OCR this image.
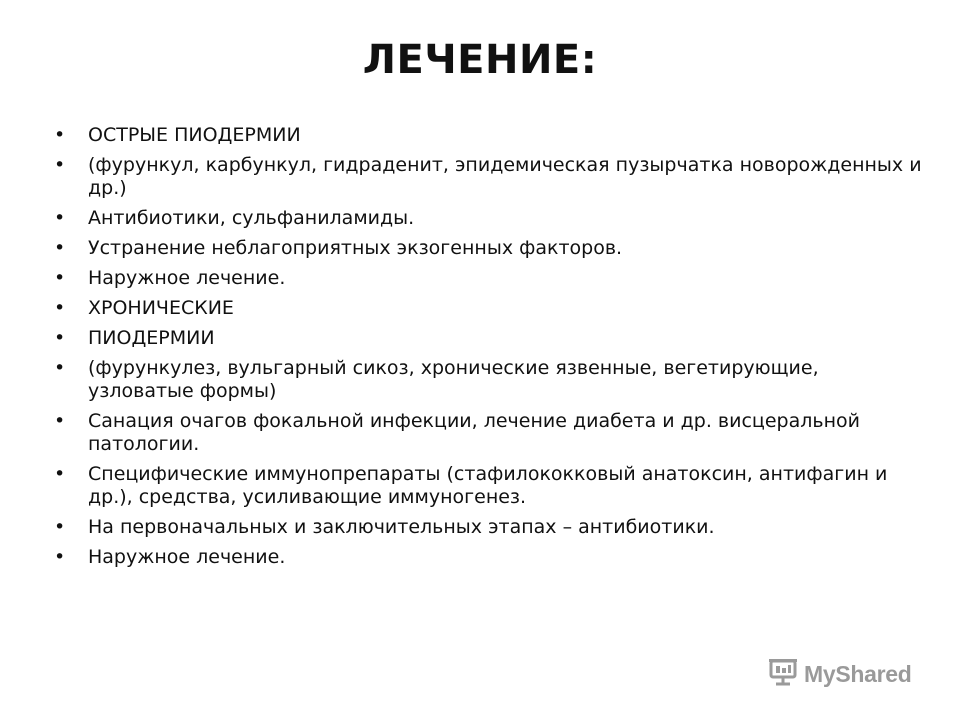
ЛЕЧЕНИЕ:
• ОСТРЫЕ ПИОДЕРМИИ
• (фурункул, карбункул, гидраденит, эпидемическая пузырчатка новорожденных и др.)
• Антибиотики, сульфаниламиды.
• Устранение неблагоприятных экзогенных факторов.
• Наружное лечение.
• ХРОНИЧЕСКИЕ
• ПИОДЕРМИИ
• (фурункулез, вульгарный сикоз, хронические язвенные, вегетирующие, узловатые формы)
• Санация очагов фокальной инфекции, лечение диабета и др. висцеральной патологии.
• Специфические иммунопрепараты (стафилококковый анатоксин, антифагин и др.), средства, усиливающие иммуногенез.
• На первоначальных и заключительных этапах – антибиотики.
• Наружное лечение.
MyShared
